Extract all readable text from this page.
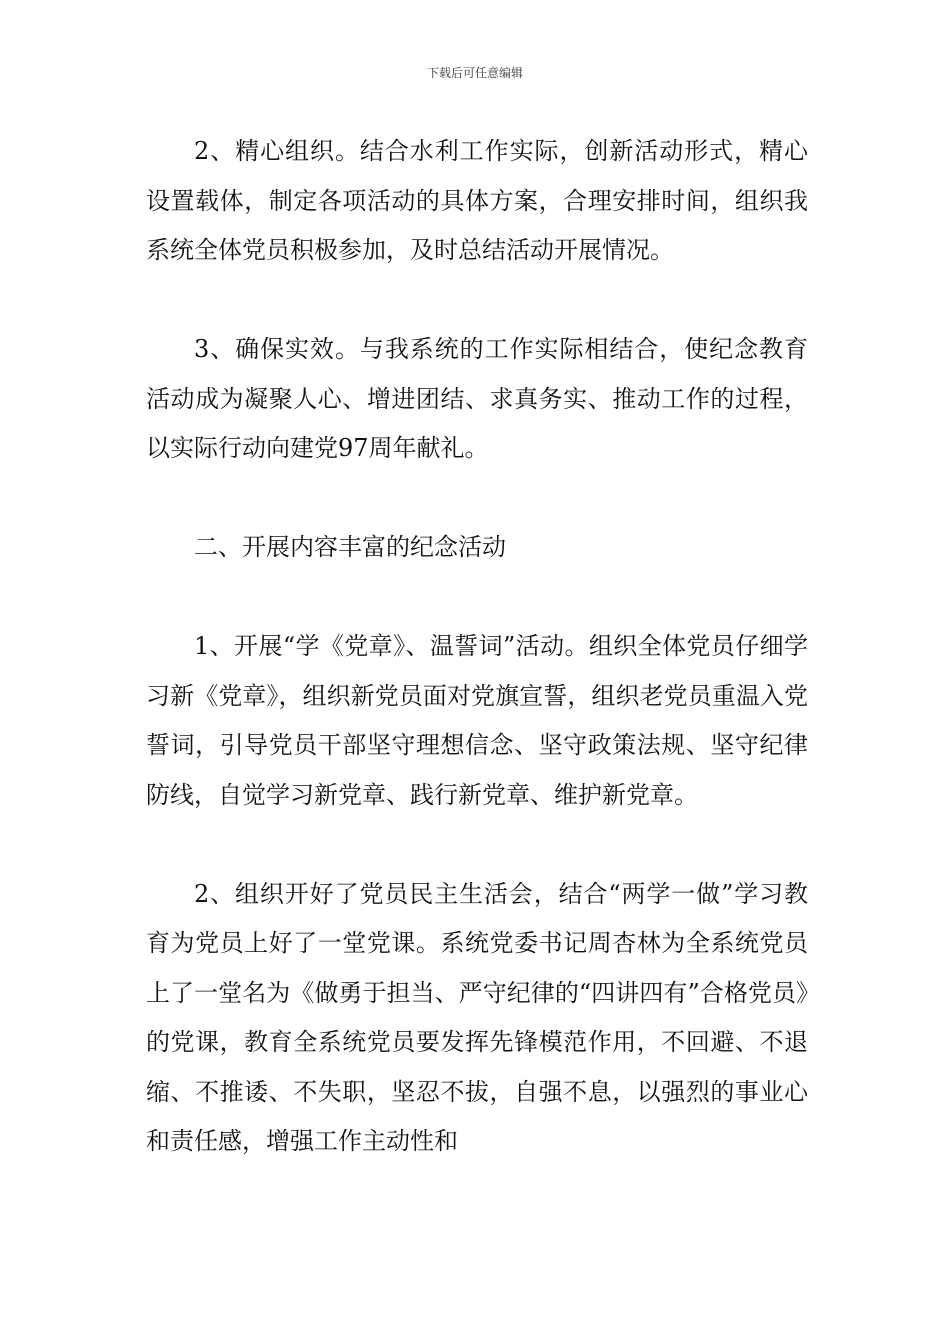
下载后可任意编辑

2、精心组织。结合水利工作实际，创新活动形式，精心设置载体，制定各项活动的具体方案，合理安排时间，组织我系统全体党员积极参加，及时总结活动开展情况。

3、确保实效。与我系统的工作实际相结合，使纪念教育活动成为凝聚人心、增进团结、求真务实、推动工作的过程，以实际行动向建党97周年献礼。

二、开展内容丰富的纪念活动

1、开展“学《党章》、温誓词”活动。组织全体党员仔细学习新《党章》，组织新党员面对党旗宣誓，组织老党员重温入党誓词，引导党员干部坚守理想信念、坚守政策法规、坚守纪律防线，自觉学习新党章、践行新党章、维护新党章。

2、组织开好了党员民主生活会，结合“两学一做”学习教育为党员上好了一堂党课。系统党委书记周杏林为全系统党员上了一堂名为《做勇于担当、严守纪律的“四讲四有”合格党员》的党课，教育全系统党员要发挥先锋模范作用，不回避、不退缩、不推诿、不失职，坚忍不拔，自强不息，以强烈的事业心和责任感，增强工作主动性和
